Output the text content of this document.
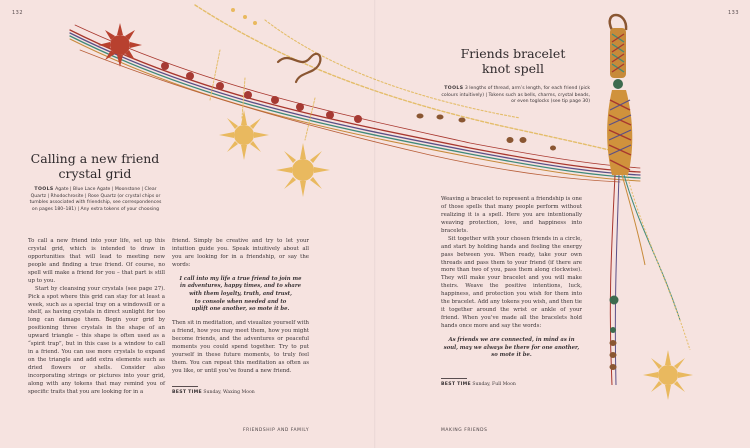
132
Calling a new friend
crystal grid
TOOLS Agate | Blue Lace Agate | Moonstone | Clear Quartz | Rhodochrosite | Rose Quartz (or crystal chips or tumbles associated with friendship, see correspondences on pages 180–181) | Any extra tokens of your choosing

To call a new friend into your life, set up this crystal grid, which is intended to draw in opportunities that will lead to meeting new people and finding a true friend. Of course, no spell will make a friend for you – that part is still up to you.

Start by cleansing your crystals (see page 27). Pick a spot where this grid can stay for at least a week, such as a special tray on a windowsill or a shelf, as having crystals in direct sunlight for too long can damage them. Begin your grid by positioning three crystals in the shape of an upward triangle – this shape is often used as a “spirit trap”, but in this case is a window to call in a friend. You can use more crystals to expand on the triangle and add extra elements such as dried flowers or shells. Consider also incorporating strings or pictures into your grid, along with any tokens that may remind you of specific traits that you are looking for in a

friend. Simply be creative and try to let your intuition guide you. Speak intuitively about all you are looking for in a friendship, or say the words:

I call into my life a true friend to join me
in adventures, happy times, and to share
with them loyalty, truth, and trust,
to console when needed and to
uplift one another, so mote it be.

Then sit in meditation, and visualize yourself with a friend, how you may meet them, how you might become friends, and the adventures or peaceful moments you could spend together. Try to put yourself in these future moments, to truly feel them. You can repeat this meditation as often as you like, or until you’ve found a new friend.

BEST TIME Sunday, Waxing Moon
FRIENDSHIP AND FAMILY
133
Friends bracelet
knot spell
TOOLS 3 lengths of thread, arm’s length, for each friend (pick colours intuitively) | Tokens such as bells, charms, crystal beads, or even toglocks (see tip page 30)

Weaving a bracelet to represent a friendship is one of those spells that many people perform without realizing it is a spell. Here you are intentionally weaving protection, love, and happiness into bracelets.

Sit together with your chosen friends in a circle, and start by holding hands and feeling the energy pass between you. When ready, take your own threads and pass them to your friend (if there are more than two of you, pass them along clockwise). They will make your bracelet and you will make theirs. Weave the positive intentions, luck, happiness, and protection you wish for them into the bracelet. Add any tokens you wish, and then tie it together around the wrist or ankle of your friend. When you’ve made all the bracelets hold hands once more and say the words:

As friends we are connected, in mind as in
soul, may we always be there for one another,
so mote it be.

BEST TIME Sunday, Full Moon
MAKING FRIENDS
